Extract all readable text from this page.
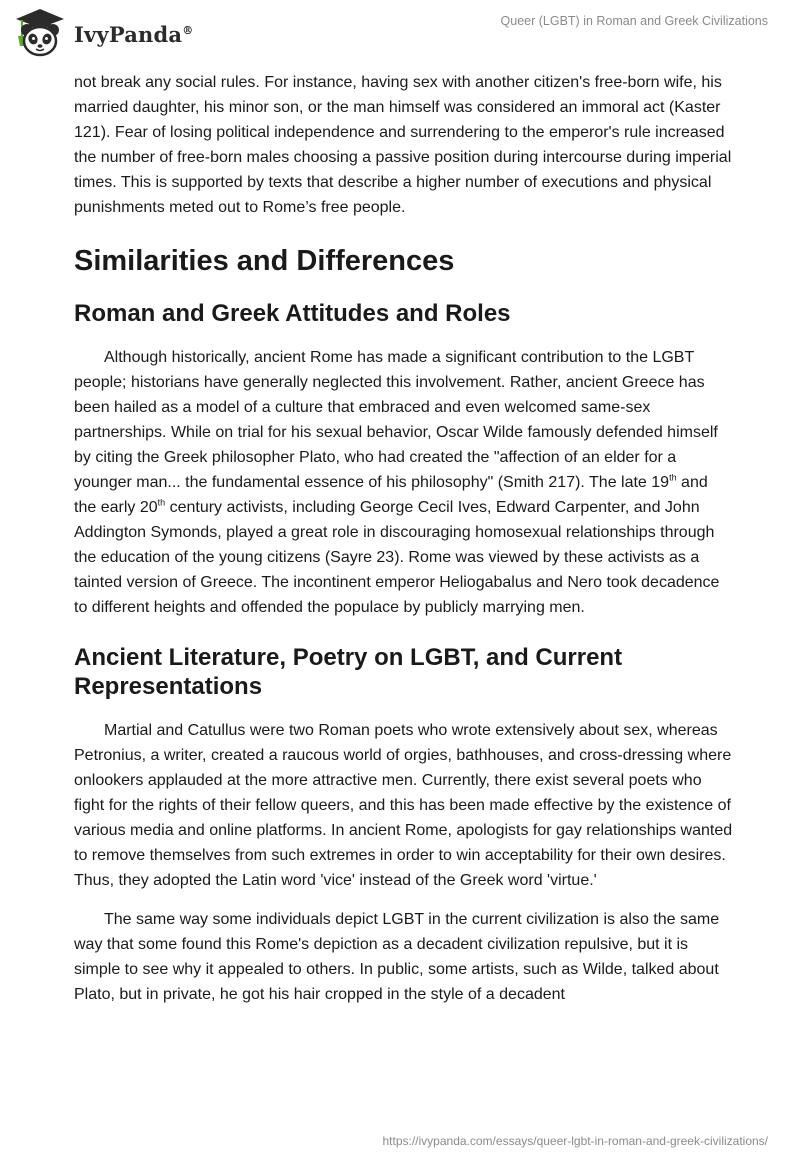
IvyPanda®
Queer (LGBT) in Roman and Greek Civilizations

not break any social rules. For instance, having sex with another citizen's free-born wife, his married daughter, his minor son, or the man himself was considered an immoral act (Kaster 121). Fear of losing political independence and surrendering to the emperor's rule increased the number of free-born males choosing a passive position during intercourse during imperial times. This is supported by texts that describe a higher number of executions and physical punishments meted out to Rome’s free people.

Similarities and Differences
Roman and Greek Attitudes and Roles

Although historically, ancient Rome has made a significant contribution to the LGBT people; historians have generally neglected this involvement. Rather, ancient Greece has been hailed as a model of a culture that embraced and even welcomed same-sex partnerships. While on trial for his sexual behavior, Oscar Wilde famously defended himself by citing the Greek philosopher Plato, who had created the "affection of an elder for a younger man... the fundamental essence of his philosophy" (Smith 217). The late 19th and the early 20th century activists, including George Cecil Ives, Edward Carpenter, and John Addington Symonds, played a great role in discouraging homosexual relationships through the education of the young citizens (Sayre 23). Rome was viewed by these activists as a tainted version of Greece. The incontinent emperor Heliogabalus and Nero took decadence to different heights and offended the populace by publicly marrying men.

Ancient Literature, Poetry on LGBT, and Current Representations

Martial and Catullus were two Roman poets who wrote extensively about sex, whereas Petronius, a writer, created a raucous world of orgies, bathhouses, and cross-dressing where onlookers applauded at the more attractive men. Currently, there exist several poets who fight for the rights of their fellow queers, and this has been made effective by the existence of various media and online platforms. In ancient Rome, apologists for gay relationships wanted to remove themselves from such extremes in order to win acceptability for their own desires. Thus, they adopted the Latin word 'vice' instead of the Greek word 'virtue.'

The same way some individuals depict LGBT in the current civilization is also the same way that some found this Rome's depiction as a decadent civilization repulsive, but it is simple to see why it appealed to others. In public, some artists, such as Wilde, talked about Plato, but in private, he got his hair cropped in the style of a decadent

https://ivypanda.com/essays/queer-lgbt-in-roman-and-greek-civilizations/
